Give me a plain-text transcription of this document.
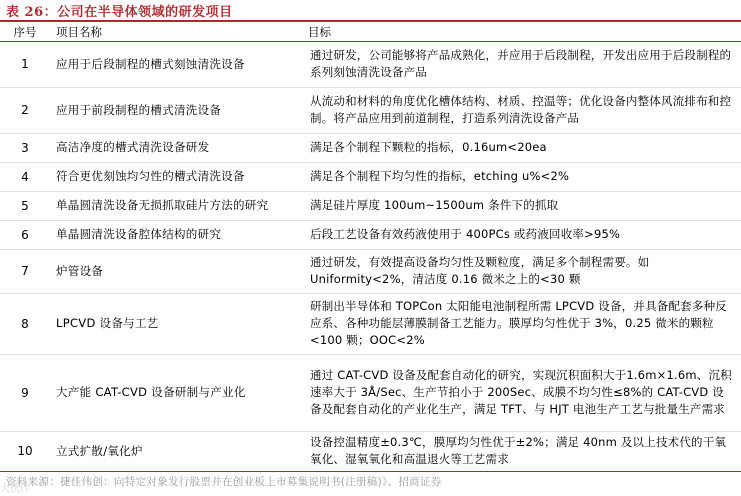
表 26：公司在半导体领域的研发项目
序号	项目名称	目标
1	应用于后段制程的槽式刻蚀清洗设备	通过研发，公司能够将产品成熟化，并应用于后段制程，开发出应用于后段制程的系列刻蚀清洗设备产品
2	应用于前段制程的槽式清洗设备	从流动和材料的角度优化槽体结构、材质、控温等；优化设备内整体风流排布和控制。将产品应用到前道制程，打造系列清洗设备产品
3	高洁净度的槽式清洗设备研发	满足各个制程下颗粒的指标，0.16um<20ea
4	符合更优刻蚀均匀性的槽式清洗设备	满足各个制程下均匀性的指标，etching u%<2%
5	单晶圆清洗设备无损抓取硅片方法的研究	满足硅片厚度 100um~1500um 条件下的抓取
6	单晶圆清洗设备腔体结构的研究	后段工艺设备有效药液使用于 400PCs 或药液回收率>95%
7	炉管设备	通过研发，有效提高设备均匀性及颗粒度，满足多个制程需要。如Uniformity<2%，清洁度 0.16 微米之上的<30 颗
8	LPCVD 设备与工艺	研制出半导体和 TOPCon 太阳能电池制程所需 LPCVD 设备，并具备配套多种反应系、各种功能层薄膜制备工艺能力。膜厚均匀性优于 3%，0.25 微米的颗粒<100 颗；OOC<2%
9	大产能 CAT-CVD 设备研制与产业化	通过 CAT-CVD 设备及配套自动化的研究，实现沉积面积大于1.6m×1.6m、沉积速率大于 3Å/Sec、生产节拍小于 200Sec、成膜不均匀性≤8%的 CAT-CVD 设备及配套自动化的产业化生产，满足 TFT、与 HJT 电池生产工艺与批量生产需求
10	立式扩散/氧化炉	设备控温精度±0.3℃，膜厚均匀性优于±2%；满足 40nm 及以上技术代的干氧氧化、湿氧氧化和高温退火等工艺需求
资料来源：捷佳伟创：向特定对象发行股票并在创业板上市募集说明书(注册稿)》、招商证券
大伙伴
